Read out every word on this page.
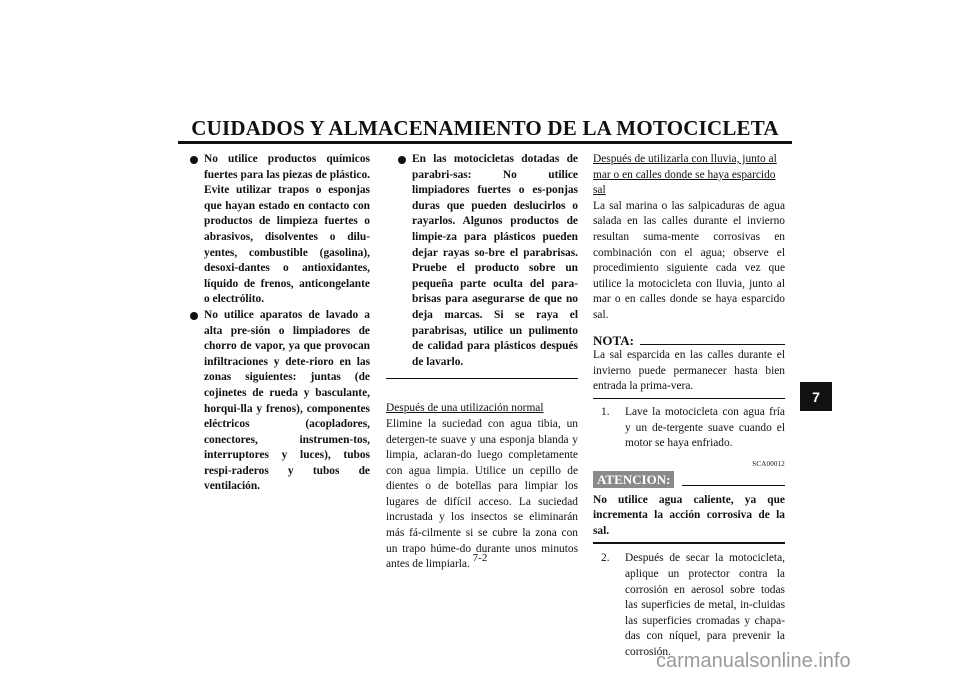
CUIDADOS Y ALMACENAMIENTO DE LA MOTOCICLETA
No utilice productos químicos fuertes para las piezas de plástico. Evite utilizar trapos o esponjas que hayan estado en contacto con productos de limpieza fuertes o abrasivos, disolventes o dilu-yentes, combustible (gasolina), desoxi-dantes o antioxidantes, líquido de frenos, anticongelante o electrólito.
No utilice aparatos de lavado a alta pre-sión o limpiadores de chorro de vapor, ya que provocan infiltraciones y dete-rioro en las zonas siguientes: juntas (de cojinetes de rueda y basculante, horqui-lla y frenos), componentes eléctricos (acopladores, conectores, instrumen-tos, interruptores y luces), tubos respi-raderos y tubos de ventilación.
En las motocicletas dotadas de parabri-sas: No utilice limpiadores fuertes o es-ponjas duras que pueden deslucirlos o rayarlos. Algunos productos de limpie-za para plásticos pueden dejar rayas so-bre el parabrisas. Pruebe el producto sobre un pequeña parte oculta del para-brisas para asegurarse de que no deja marcas. Si se raya el parabrisas, utilice un pulimento de calidad para plásticos después de lavarlo.
Después de una utilización normal
Elimine la suciedad con agua tibia, un detergen-te suave y una esponja blanda y limpia, aclaran-do luego completamente con agua limpia. Utilice un cepillo de dientes o de botellas para limpiar los lugares de difícil acceso. La suciedad incrustada y los insectos se eliminarán más fá-cilmente si se cubre la zona con un trapo húme-do durante unos minutos antes de limpiarla.
Después de utilizarla con lluvia, junto al mar o en calles donde se haya esparcido sal
La sal marina o las salpicaduras de agua salada en las calles durante el invierno resultan suma-mente corrosivas en combinación con el agua; observe el procedimiento siguiente cada vez que utilice la motocicleta con lluvia, junto al mar o en calles donde se haya esparcido sal.
NOTA:
La sal esparcida en las calles durante el invierno puede permanecer hasta bien entrada la prima-vera.
1. Lave la motocicleta con agua fría y un de-tergente suave cuando el motor se haya enfriado.
SCA00012
ATENCION:
No utilice agua caliente, ya que incrementa la acción corrosiva de la sal.
2. Después de secar la motocicleta, aplique un protector contra la corrosión en aerosol sobre todas las superficies de metal, in-cluidas las superficies cromadas y chapa-das con níquel, para prevenir la corrosión.
7
7-2
carmanualsonline.info
